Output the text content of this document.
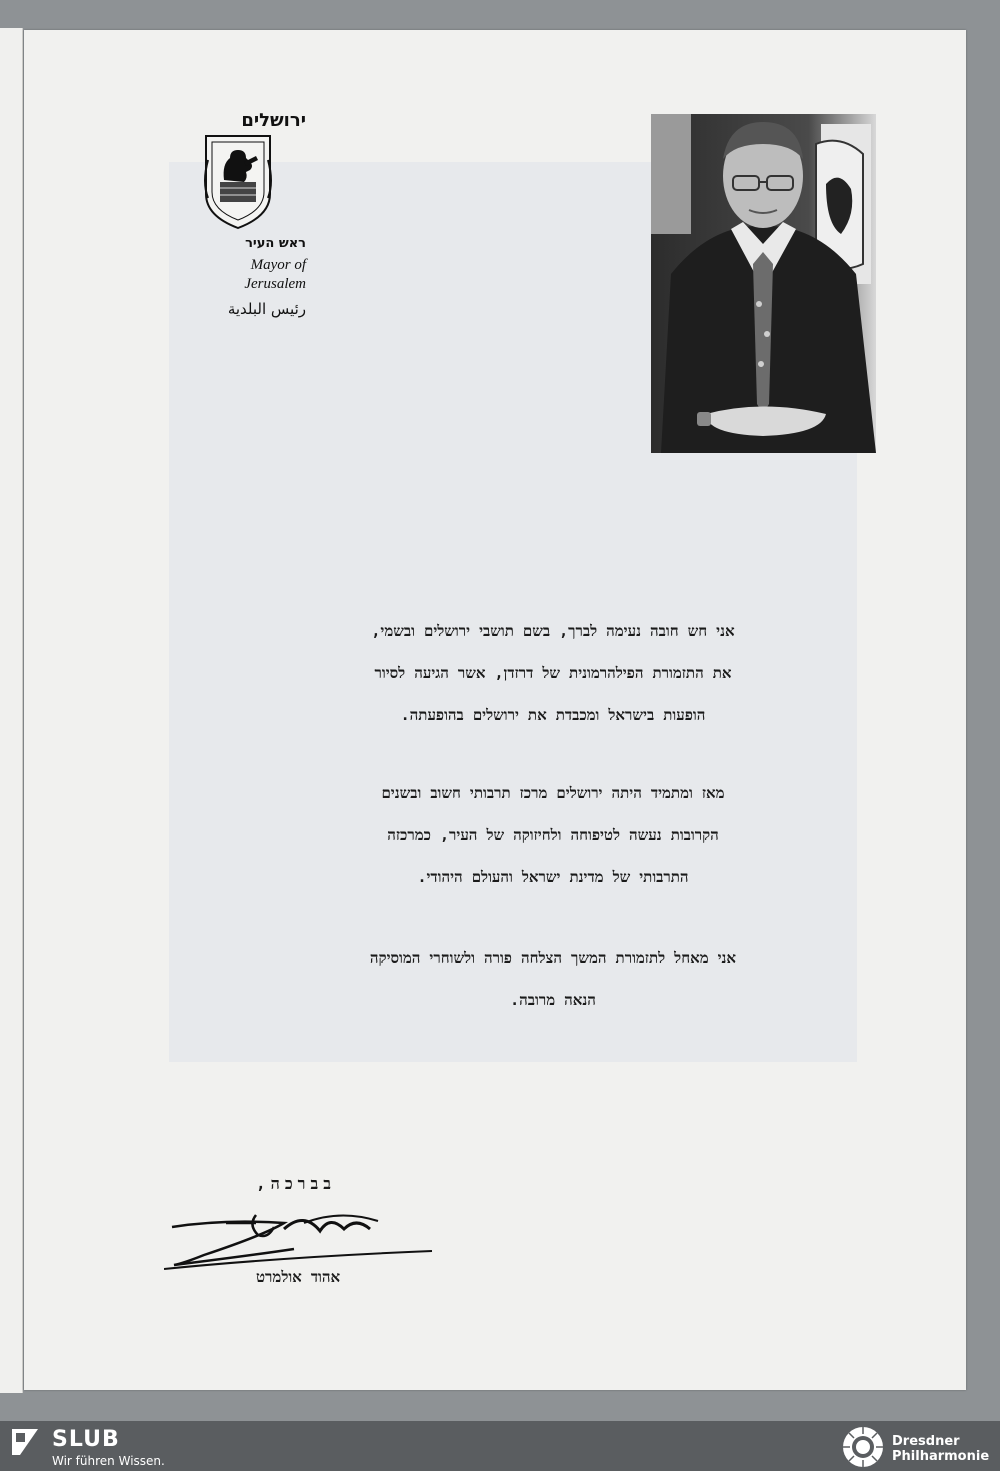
ירושלים
ראש העיר
Mayor of
Jerusalem
رئيس البلدية

אני חש חובה נעימה לברך, בשם תושבי ירושלים ובשמי,

את התזמורת הפילהרמונית של דרזדן, אשר הגיעה לסיור

הופעות בישראל ומכבדת את ירושלים בהופעתה.

מאז ומתמיד היתה ירושלים מרכז תרבותי חשוב ובשנים

הקרובות נעשה לטיפוחה ולחיזוקה של העיר, כמרכזה

התרבותי של מדינת ישראל והעולם היהודי.

אני מאחל לתזמורת המשך הצלחה פורה ולשוחרי המוסיקה

הנאה מרובה.

בברכה,
אהוד אולמרט
SLUB
Wir führen Wissen.
Dresdner
Philharmonie
